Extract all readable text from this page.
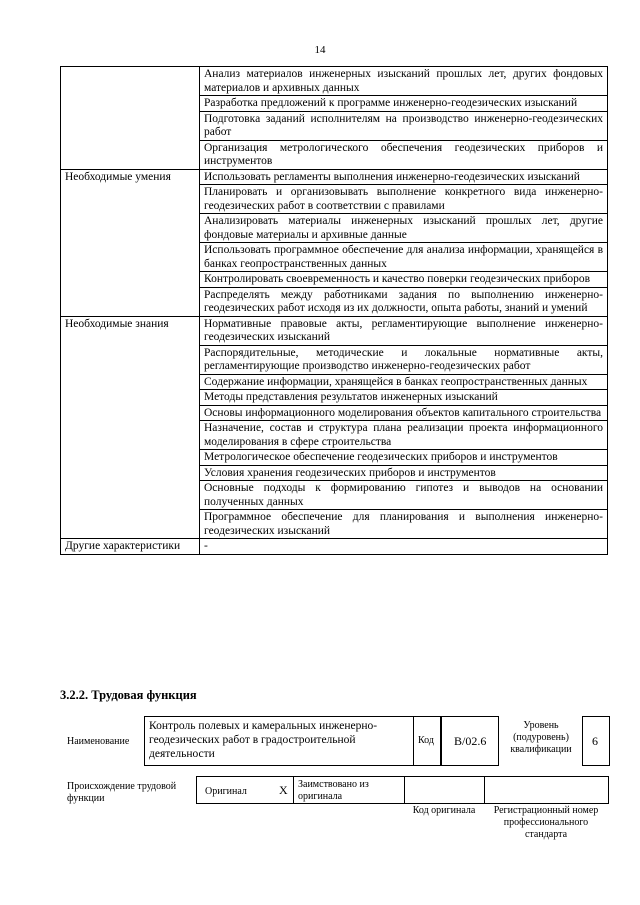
14
	Анализ материалов инженерных изысканий прошлых лет, других фондовых материалов и архивных данных
	Разработка предложений к программе инженерно-геодезических изысканий
	Подготовка заданий исполнителям на производство инженерно-геодезических работ
	Организация метрологического обеспечения геодезических приборов и инструментов
Необходимые умения	Использовать регламенты выполнения инженерно-геодезических изысканий
	Планировать и организовывать выполнение конкретного вида инженерно-геодезических работ в соответствии с правилами
	Анализировать материалы инженерных изысканий прошлых лет, другие фондовые материалы и архивные данные
	Использовать программное обеспечение для анализа информации, хранящейся в банках геопространственных данных
	Контролировать своевременность и качество поверки геодезических приборов
	Распределять между работниками задания по выполнению инженерно-геодезических работ исходя из их должности, опыта работы, знаний и умений
Необходимые знания	Нормативные правовые акты, регламентирующие выполнение инженерно-геодезических изысканий
	Распорядительные, методические и локальные нормативные акты, регламентирующие производство инженерно-геодезических работ
	Содержание информации, хранящейся в банках геопространственных данных
	Методы представления результатов инженерных изысканий
	Основы информационного моделирования объектов капитального строительства
	Назначение, состав и структура плана реализации проекта информационного моделирования в сфере строительства
	Метрологическое обеспечение геодезических приборов и инструментов
	Условия хранения геодезических приборов и инструментов
	Основные подходы к формированию гипотез и выводов на основании полученных данных
	Программное обеспечение для планирования и выполнения инженерно-геодезических изысканий
Другие характеристики	-
3.2.2. Трудовая функция
Наименование
Контроль полевых и камеральных инженерно-геодезических работ в градостроительной деятельности
Код B/02.6
Уровень (подуровень) квалификации
6
Происхождение трудовой функции
Оригинал	X Заимствовано из оригинала
Код оригинала	Регистрационный номер профессионального стандарта
